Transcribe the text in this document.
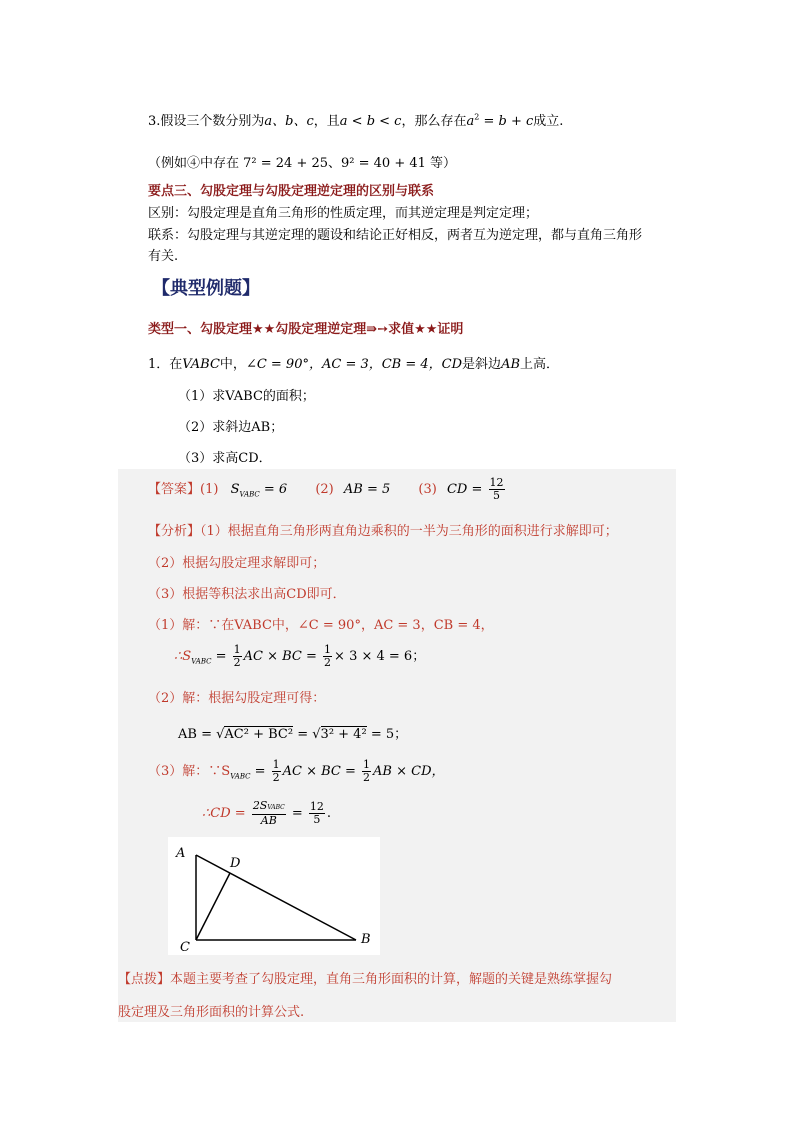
3.假设三个数分别为a、b、c，且a < b < c，那么存在$a^2 = b + c$成立.
（例如④中存在 7² = 24 + 25、9² = 40 + 41 等）
要点三、勾股定理与勾股定理逆定理的区别与联系
区别：勾股定理是直角三角形的性质定理，而其逆定理是判定定理；
联系：勾股定理与其逆定理的题设和结论正好相反，两者互为逆定理，都与直角三角形
有关.
【典型例题】
类型一、勾股定理★★勾股定理逆定理⇛➙求值★★证明
1．在VABC中，∠C = 90°，AC = 3，CB = 4，CD是斜边AB上高．
（1）求VABC的面积；
（2）求斜边AB；
（3）求高CD．
【答案】(1) $S_{VABC} = 6$ (2) AB = 5 (3) CD = $\frac{12}{5}$
【分析】（1）根据直角三角形两直角边乘积的一半为三角形的面积进行求解即可；
（2）根据勾股定理求解即可；
（3）根据等积法求出高CD即可．
（1）解：∵在VABC中，∠C = 90°，AC = 3，CB = 4，
$\therefore S_{VABC} = \frac{1}{2}$ AC × BC = $\frac{1}{2} \times 3 \times 4 = 6$；
（2）解：根据勾股定理可得：
AB = √AC² + BC² = √3² + 4² = 5；
（3）解：$\because S_{VABC} = \frac{1}{2}$ AC × BC = $\frac{1}{2}$ AB × CD，
∴CD = $\frac{\text{2SVABC}}{AB} = \frac{12}{5}$ .
A
D
C
B
【点拨】本题主要考查了勾股定理，直角三角形面积的计算，解题的关键是熟练掌握勾
股定理及三角形面积的计算公式.
